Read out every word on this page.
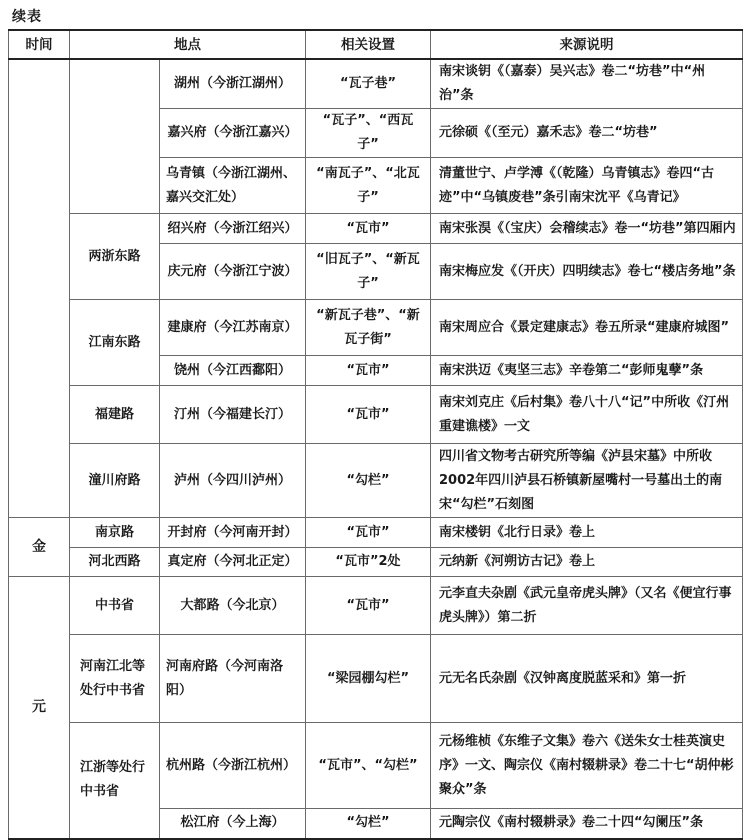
续表
时间	地点		相关设置	来源说明
		湖州（今浙江湖州）	“瓦子巷”	南宋谈钥《（嘉泰）吴兴志》卷二“坊巷”中“州治”条
		嘉兴府（今浙江嘉兴）	“瓦子”、“西瓦子”	元徐硕《（至元）嘉禾志》卷二“坊巷”
		乌青镇（今浙江湖州、嘉兴交汇处）	“南瓦子”、“北瓦子”	清董世宁、卢学溥《（乾隆）乌青镇志》卷四“古迹”中“乌镇废巷”条引南宋沈平《乌青记》
	两浙东路	绍兴府（今浙江绍兴）	“瓦市”	南宋张淏《（宝庆）会稽续志》卷一“坊巷”第四厢内
		庆元府（今浙江宁波）	“旧瓦子”、“新瓦子”	南宋梅应发《（开庆）四明续志》卷七“楼店务地”条
	江南东路	建康府（今江苏南京）	“新瓦子巷”、“新瓦子街”	南宋周应合《景定建康志》卷五所录“建康府城图”
		饶州（今江西鄱阳）	“瓦市”	南宋洪迈《夷坚三志》辛卷第二“彭师鬼孽”条
	福建路	汀州（今福建长汀）	“瓦市”	南宋刘克庄《后村集》卷八十八“记”中所收《汀州重建谯楼》一文
	潼川府路	泸州（今四川泸州）	“勾栏”	四川省文物考古研究所等编《泸县宋墓》中所收2002年四川泸县石桥镇新屋嘴村一号墓出土的南宋“勾栏”石刻图
金	南京路	开封府（今河南开封）	“瓦市”	南宋楼钥《北行日录》卷上
	河北西路	真定府（今河北正定）	“瓦市”2处	元纳新《河朔访古记》卷上
元	中书省	大都路（今北京）	“瓦市”	元李直夫杂剧《武元皇帝虎头牌》（又名《便宜行事虎头牌》）第二折
	河南江北等处行中书省	河南府路（今河南洛阳）	“梁园棚勾栏”	元无名氏杂剧《汉钟离度脱蓝采和》第一折
	江浙等处行中书省	杭州路（今浙江杭州）	“瓦市”、“勾栏”	元杨维桢《东维子文集》卷六《送朱女士桂英演史序》一文、陶宗仪《南村辍耕录》卷二十七“胡仲彬聚众”条
		松江府（今上海）	“勾栏”	元陶宗仪《南村辍耕录》卷二十四“勾阑压”条
